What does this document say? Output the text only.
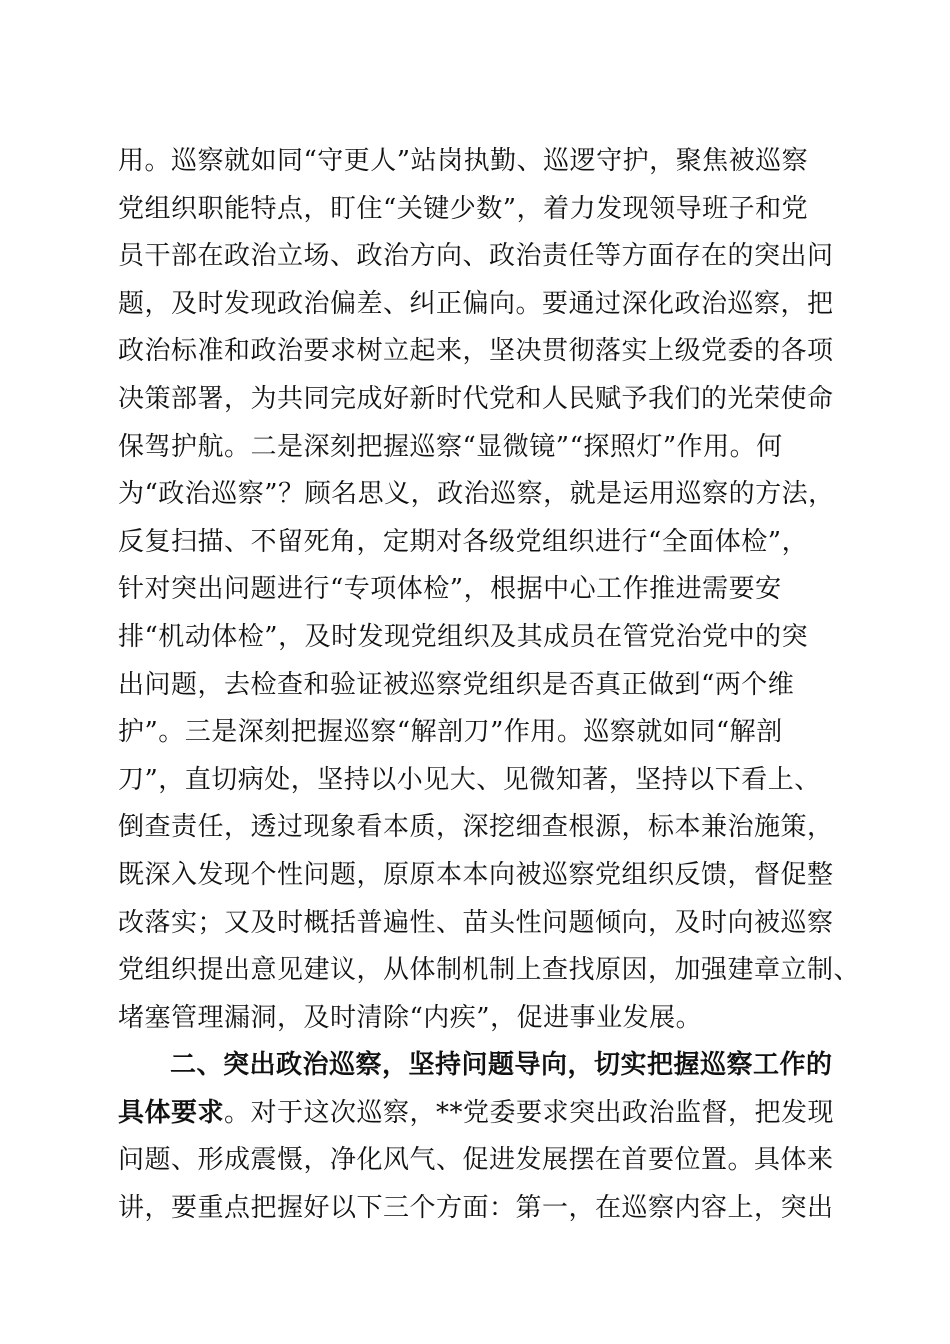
用。巡察就如同“守更人”站岗执勤、巡逻守护，聚焦被巡察
党组织职能特点，盯住“关键少数”，着力发现领导班子和党
员干部在政治立场、政治方向、政治责任等方面存在的突出问
题，及时发现政治偏差、纠正偏向。要通过深化政治巡察，把
政治标准和政治要求树立起来，坚决贯彻落实上级党委的各项
决策部署，为共同完成好新时代党和人民赋予我们的光荣使命
保驾护航。二是深刻把握巡察“显微镜”“探照灯”作用。何
为“政治巡察”？顾名思义，政治巡察，就是运用巡察的方法，
反复扫描、不留死角，定期对各级党组织进行“全面体检”，
针对突出问题进行“专项体检”，根据中心工作推进需要安
排“机动体检”，及时发现党组织及其成员在管党治党中的突
出问题，去检查和验证被巡察党组织是否真正做到“两个维
护”。三是深刻把握巡察“解剖刀”作用。巡察就如同“解剖
刀”，直切病处，坚持以小见大、见微知著，坚持以下看上、
倒查责任，透过现象看本质，深挖细查根源，标本兼治施策，
既深入发现个性问题，原原本本向被巡察党组织反馈，督促整
改落实；又及时概括普遍性、苗头性问题倾向，及时向被巡察
党组织提出意见建议，从体制机制上查找原因，加强建章立制、
堵塞管理漏洞，及时清除“内疾”，促进事业发展。
二、突出政治巡察，坚持问题导向，切实把握巡察工作的
具体要求。对于这次巡察，**党委要求突出政治监督，把发现
问题、形成震慑，净化风气、促进发展摆在首要位置。具体来
讲，要重点把握好以下三个方面：第一，在巡察内容上，突出
